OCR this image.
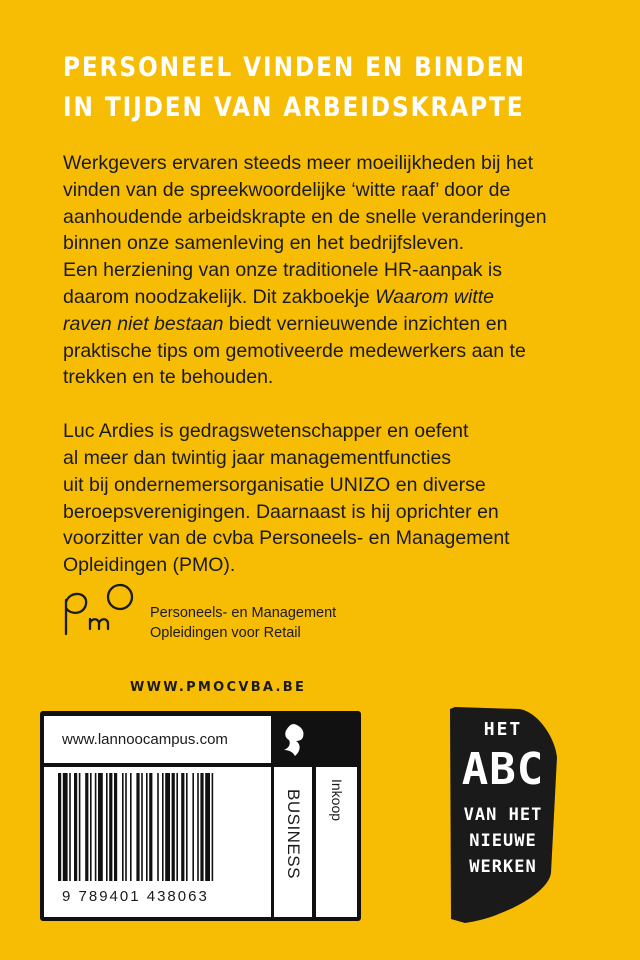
PERSONEEL VINDEN EN BINDEN
IN TIJDEN VAN ARBEIDSKRAPTE

Werkgevers ervaren steeds meer moeilijkheden bij het
vinden van de spreekwoordelijke ‘witte raaf’ door de
aanhoudende arbeidskrapte en de snelle veranderingen
binnen onze samenleving en het bedrijfsleven.
Een herziening van onze traditionele HR-aanpak is
daarom noodzakelijk. Dit zakboekje Waarom witte
raven niet bestaan biedt vernieuwende inzichten en
praktische tips om gemotiveerde medewerkers aan te
trekken en te behouden.

Luc Ardies is gedragswetenschapper en oefent
al meer dan twintig jaar managementfuncties
uit bij ondernemersorganisatie UNIZO en diverse
beroepsverenigingen. Daarnaast is hij oprichter en
voorzitter van de cvba Personeels- en Management
Opleidingen (PMO).

Personeels- en Management
Opleidingen voor Retail
WWW.PMOCVBA.BE
www.lannoocampus.com
9 789401 438063
BUSINESS	Inkoop
HET
ABC
VAN HET
NIEUWE
WERKEN
